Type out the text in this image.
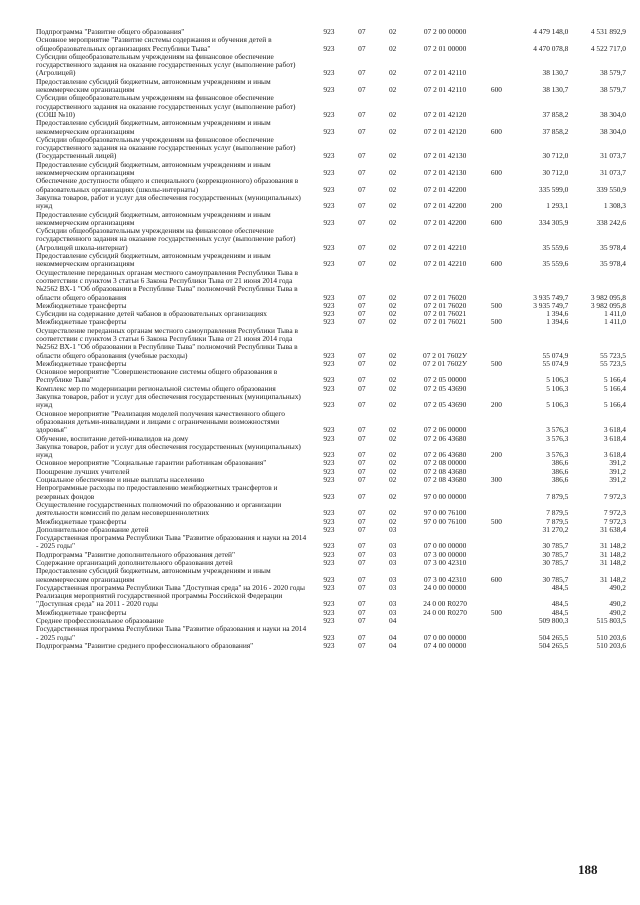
Подпрограмма "Развитие общего образования"	923	07	02	07 2 00 00000		4 479 148,0	4 531 892,9
Основное мероприятие "Развитие системы содержания и обучения детей в общеобразовательных организациях Республики Тыва"	923	07	02	07 2 01 00000		4 470 078,8	4 522 717,0
Субсидии общеобразовательным учреждениям на финансовое обеспечение государственного задания на оказание государственных услуг (выполнение работ) (Агролицей)	923	07	02	07 2 01 42110		38 130,7	38 579,7
Предоставление субсидий бюджетным, автономным учреждениям и иным некоммерческим организациям	923	07	02	07 2 01 42110	600	38 130,7	38 579,7
Субсидии общеобразовательным учреждениям на финансовое обеспечение государственного задания на оказание государственных услуг (выполнение работ) (СОШ №10)	923	07	02	07 2 01 42120		37 858,2	38 304,0
Предоставление субсидий бюджетным, автономным учреждениям и иным некоммерческим организациям	923	07	02	07 2 01 42120	600	37 858,2	38 304,0
Субсидии общеобразовательным учреждениям на финансовое обеспечение государственного задания на оказание государственных услуг (выполнение работ) (Государственный лицей)	923	07	02	07 2 01 42130		30 712,0	31 073,7
Предоставление субсидий бюджетным, автономным учреждениям и иным некоммерческим организациям	923	07	02	07 2 01 42130	600	30 712,0	31 073,7
Обеспечение доступности общего и специального (коррекционного) образования в образовательных организациях (школы-интернаты)	923	07	02	07 2 01 42200		335 599,0	339 550,9
Закупка товаров, работ и услуг для обеспечения государственных (муниципальных) нужд	923	07	02	07 2 01 42200	200	1 293,1	1 308,3
Предоставление субсидий бюджетным, автономным учреждениям и иным некоммерческим организациям	923	07	02	07 2 01 42200	600	334 305,9	338 242,6
Субсидии общеобразовательным учреждениям на финансовое обеспечение государственного задания на оказание государственных услуг (выполнение работ) (Агролицей школа-интернат)	923	07	02	07 2 01 42210		35 559,6	35 978,4
Предоставление субсидий бюджетным, автономным учреждениям и иным некоммерческим организациям	923	07	02	07 2 01 42210	600	35 559,6	35 978,4
Осуществление переданных органам местного самоуправления Республики Тыва в соответствии с пунктом 3 статьи 6 Закона Республики Тыва от 21 июня 2014 года №2562 ВХ-1 "Об образовании в Республике Тыва" полномочий Республики Тыва в области общего образования	923	07	02	07 2 01 76020		3 935 749,7	3 982 095,8
Межбюджетные трансферты	923	07	02	07 2 01 76020	500	3 935 749,7	3 982 095,8
Субсидии на содержание детей чабанов в образовательных организациях	923	07	02	07 2 01 76021		1 394,6	1 411,0
Межбюджетные трансферты	923	07	02	07 2 01 76021	500	1 394,6	1 411,0
Осуществление переданных органам местного самоуправления Республики Тыва в соответствии с пунктом 3 статьи 6 Закона Республики Тыва от 21 июня 2014 года №2562 ВХ-1 "Об образовании в Республике Тыва" полномочий Республики Тыва в области общего образования (учебные расходы)	923	07	02	07 2 01 7602У		55 074,9	55 723,5
Межбюджетные трансферты	923	07	02	07 2 01 7602У	500	55 074,9	55 723,5
Основное мероприятие "Совершенствование системы общего образования в Республике Тыва"	923	07	02	07 2 05 00000		5 106,3	5 166,4
Комплекс мер по модернизации региональной системы общего образования	923	07	02	07 2 05 43690		5 106,3	5 166,4
Закупка товаров, работ и услуг для обеспечения государственных (муниципальных) нужд	923	07	02	07 2 05 43690	200	5 106,3	5 166,4
Основное мероприятие "Реализация моделей получения качественного общего образования детьми-инвалидами и лицами с ограниченными возможностями здоровья"	923	07	02	07 2 06 00000		3 576,3	3 618,4
Обучение, воспитание детей-инвалидов на дому	923	07	02	07 2 06 43680		3 576,3	3 618,4
Закупка товаров, работ и услуг для обеспечения государственных (муниципальных) нужд	923	07	02	07 2 06 43680	200	3 576,3	3 618,4
Основное мероприятие "Социальные гарантии работникам образования"	923	07	02	07 2 08 00000		386,6	391,2
Поощрение лучших учителей	923	07	02	07 2 08 43680		386,6	391,2
Социальное обеспечение и иные выплаты населению	923	07	02	07 2 08 43680	300	386,6	391,2
Непрограммные расходы по предоставлению межбюджетных трансфертов и резервных фондов	923	07	02	97 0 00 00000		7 879,5	7 972,3
Осуществление государственных полномочий по образованию и организации деятельности комиссий по делам несовершеннолетних	923	07	02	97 0 00 76100		7 879,5	7 972,3
Межбюджетные трансферты	923	07	02	97 0 00 76100	500	7 879,5	7 972,3
Дополнительное образование детей	923	07	03			31 270,2	31 638,4
Государственная программа Республики Тыва "Развитие образования и науки на 2014 - 2025 годы"	923	07	03	07 0 00 00000		30 785,7	31 148,2
Подпрограмма "Развитие дополнительного образования детей"	923	07	03	07 3 00 00000		30 785,7	31 148,2
Содержание организаций дополнительного образования детей	923	07	03	07 3 00 42310		30 785,7	31 148,2
Предоставление субсидий бюджетным, автономным учреждениям и иным некоммерческим организациям	923	07	03	07 3 00 42310	600	30 785,7	31 148,2
Государственная программа Республики Тыва "Доступная среда" на 2016 - 2020 годы	923	07	03	24 0 00 00000		484,5	490,2
Реализация мероприятий государственной программы Российской Федерации "Доступная среда" на 2011 - 2020 годы	923	07	03	24 0 00 R0270		484,5	490,2
Межбюджетные трансферты	923	07	03	24 0 00 R0270	500	484,5	490,2
Среднее профессиональное образование	923	07	04			509 800,3	515 803,5
Государственная программа Республики Тыва "Развитие образования и науки на 2014 - 2025 годы"	923	07	04	07 0 00 00000		504 265,5	510 203,6
Подпрограмма "Развитие среднего профессионального образования"	923	07	04	07 4 00 00000		504 265,5	510 203,6
188
